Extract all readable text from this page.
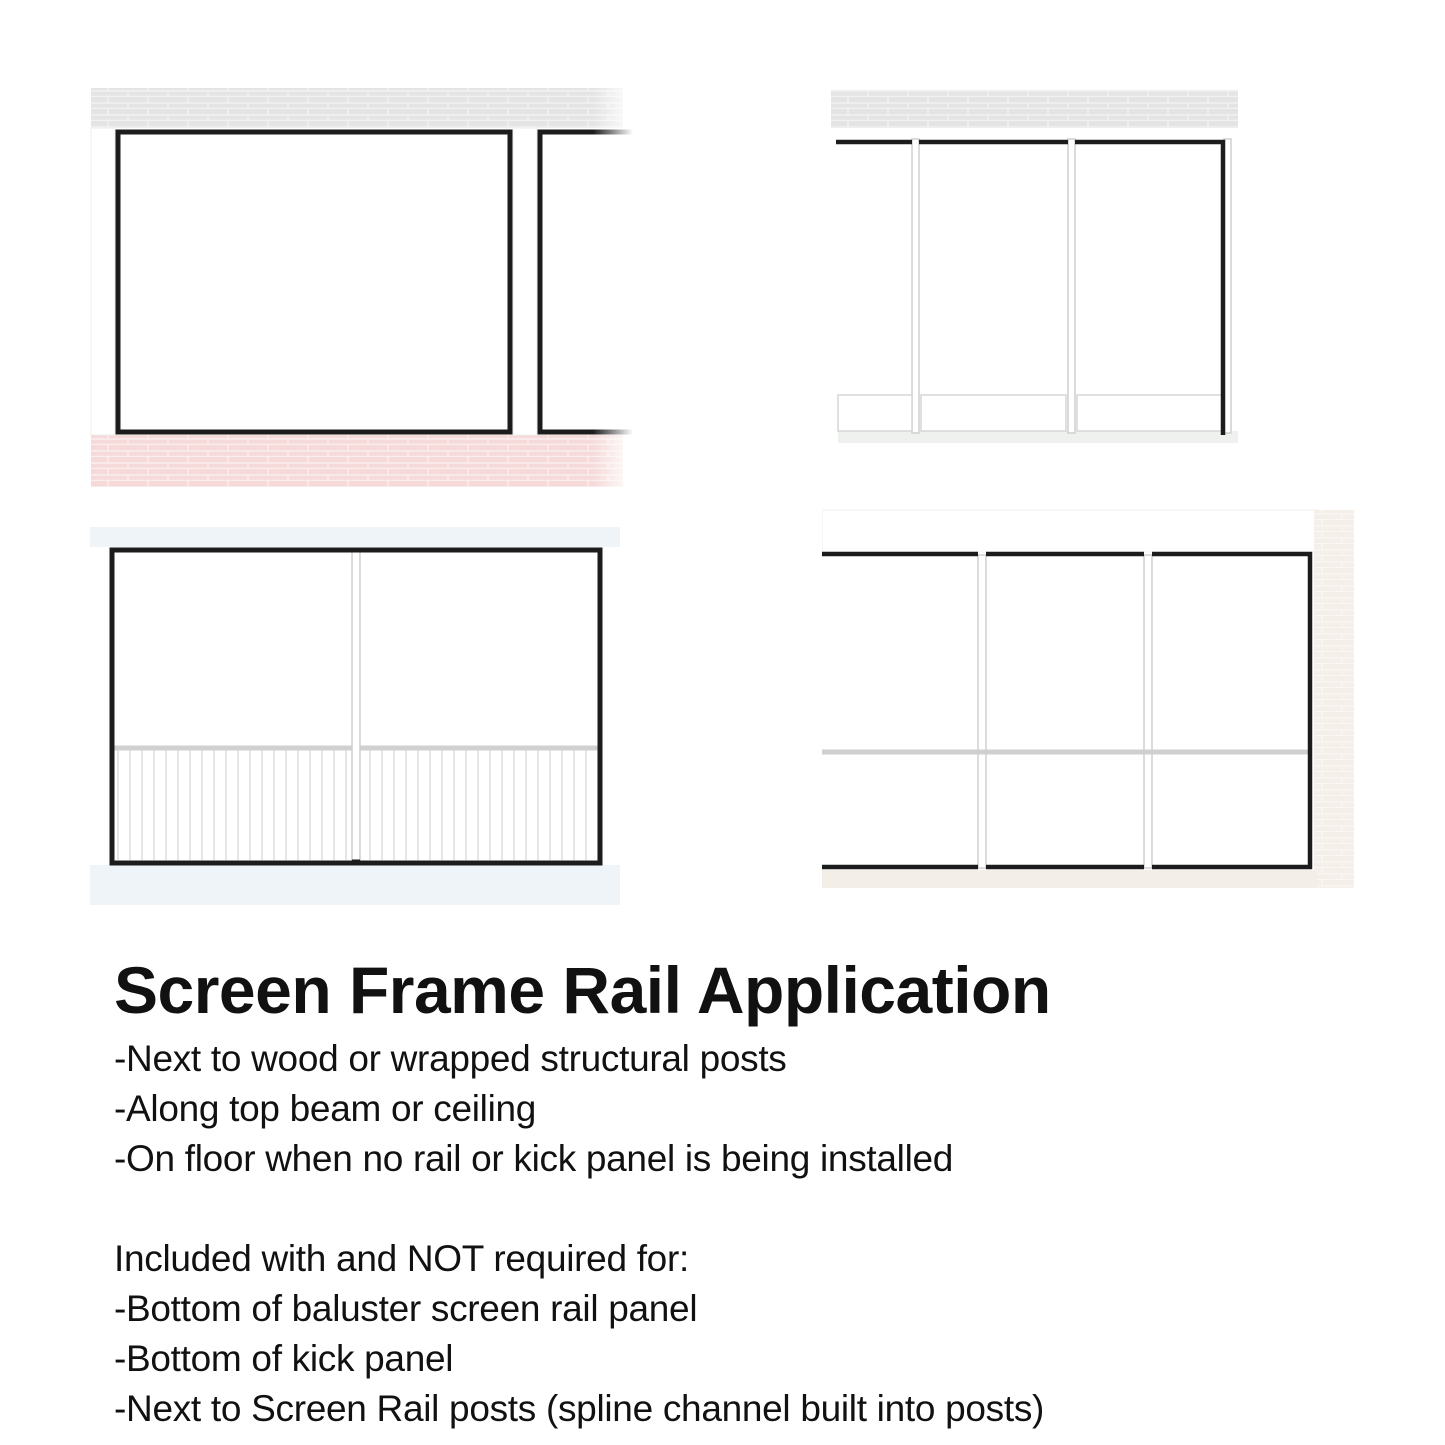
Screen Frame Rail Application
-Next to wood or wrapped structural posts
-Along top beam or ceiling
-On floor when no rail or kick panel is being installed
Included with and NOT required for:
-Bottom of baluster screen rail panel
-Bottom of kick panel
-Next to Screen Rail posts (spline channel built into posts)
